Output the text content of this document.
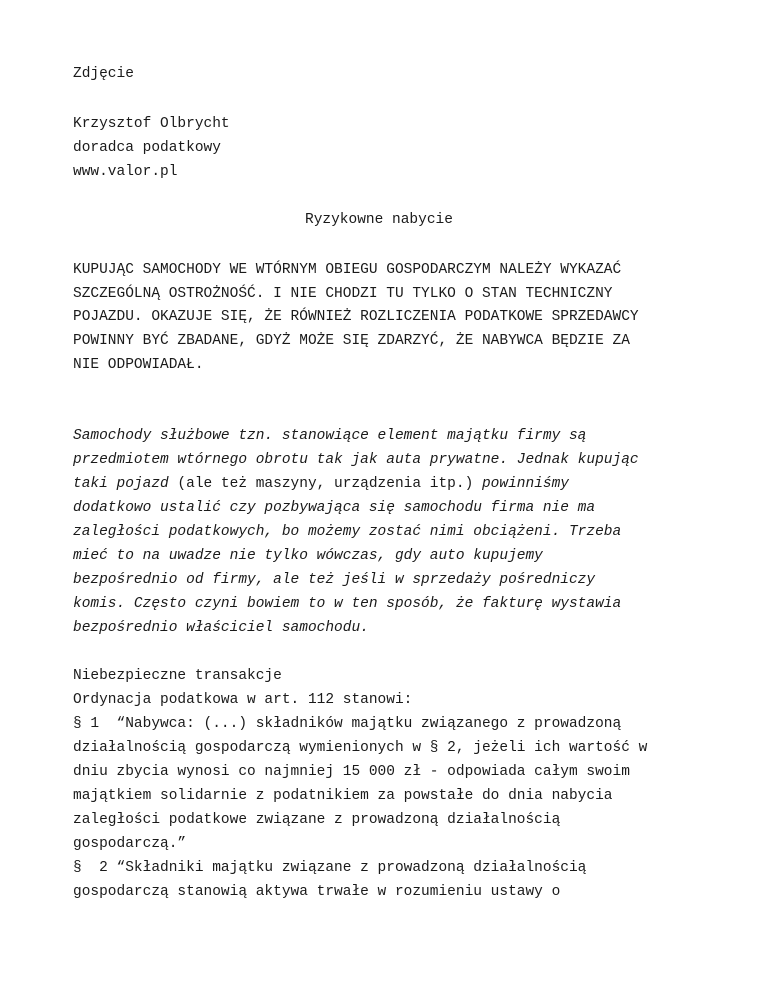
Zdjęcie
Krzysztof Olbrycht
doradca podatkowy
www.valor.pl
Ryzykowne nabycie
KUPUJĄC SAMOCHODY WE WTÓRNYM OBIEGU GOSPODARCZYM NALEŻY WYKAZAĆ
SZCZEGÓLNĄ OSTROŻNOŚĆ. I NIE CHODZI TU TYLKO O STAN TECHNICZNY
POJAZDU. OKAZUJE SIĘ, ŻE RÓWNIEŻ ROZLICZENIA PODATKOWE SPRZEDAWCY
POWINNY BYĆ ZBADANE, GDYŻ MOŻE SIĘ ZDARZYĆ, ŻE NABYWCA BĘDZIE ZA
NIE ODPOWIADAŁ.
Samochody służbowe tzn. stanowiące element majątku firmy są
przedmiotem wtórnego obrotu tak jak auta prywatne. Jednak kupując
taki pojazd (ale też maszyny, urządzenia itp.) powinniśmy
dodatkowo ustalić czy pozbywająca się samochodu firma nie ma
zaległości podatkowych, bo możemy zostać nimi obciążeni. Trzeba
mieć to na uwadze nie tylko wówczas, gdy auto kupujemy
bezpośrednio od firmy, ale też jeśli w sprzedaży pośredniczy
komis. Często czyni bowiem to w ten sposób, że fakturę wystawia
bezpośrednio właściciel samochodu.
Niebezpieczne transakcje
Ordynacja podatkowa w art. 112 stanowi:
§ 1  “Nabywca: (...) składników majątku związanego z prowadzoną
działalnością gospodarczą wymienionych w § 2, jeżeli ich wartość w
dniu zbycia wynosi co najmniej 15 000 zł - odpowiada całym swoim
majątkiem solidarnie z podatnikiem za powstałe do dnia nabycia
zaległości podatkowe związane z prowadzoną działalnością
gospodarczą.”
§  2 “Składniki majątku związane z prowadzoną działalnością
gospodarczą stanowią aktywa trwałe w rozumieniu ustawy o
